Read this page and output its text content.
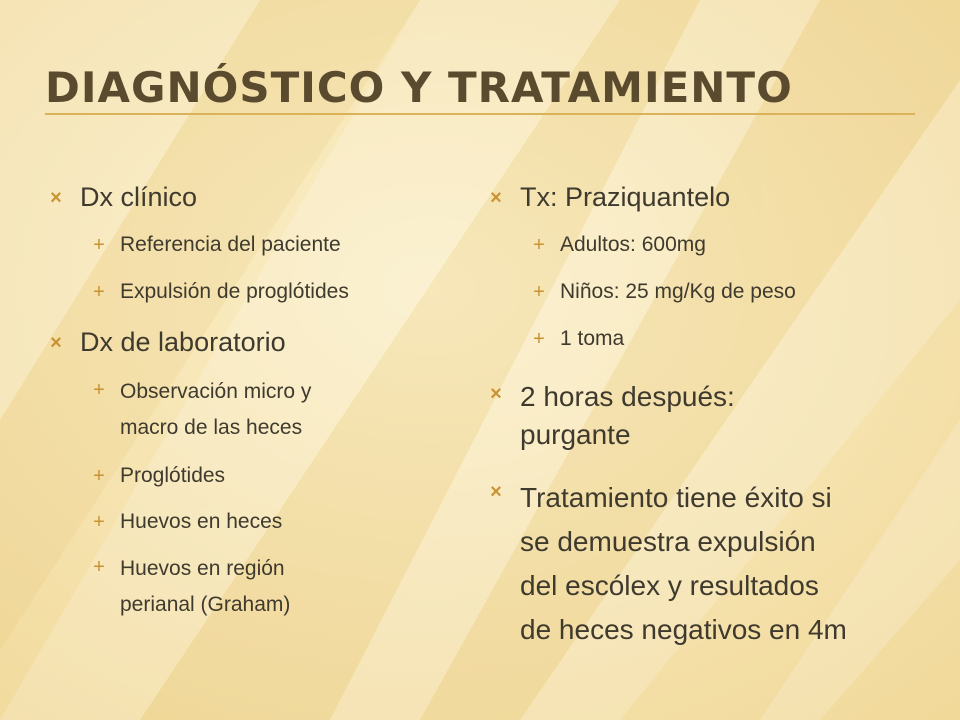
DIAGNÓSTICO Y TRATAMIENTO
× Dx clínico
+ Referencia del paciente
+ Expulsión de proglótides
× Dx de laboratorio
+ Observación micro y
macro de las heces
+ Proglótides
+ Huevos en heces
+ Huevos en región
perianal (Graham)
× Tx: Praziquantelo
+ Adultos: 600mg
+ Niños: 25 mg/Kg de peso
+ 1 toma
× 2 horas después:
purgante
× Tratamiento tiene éxito si
se demuestra expulsión
del escólex y resultados
de heces negativos en 4m
